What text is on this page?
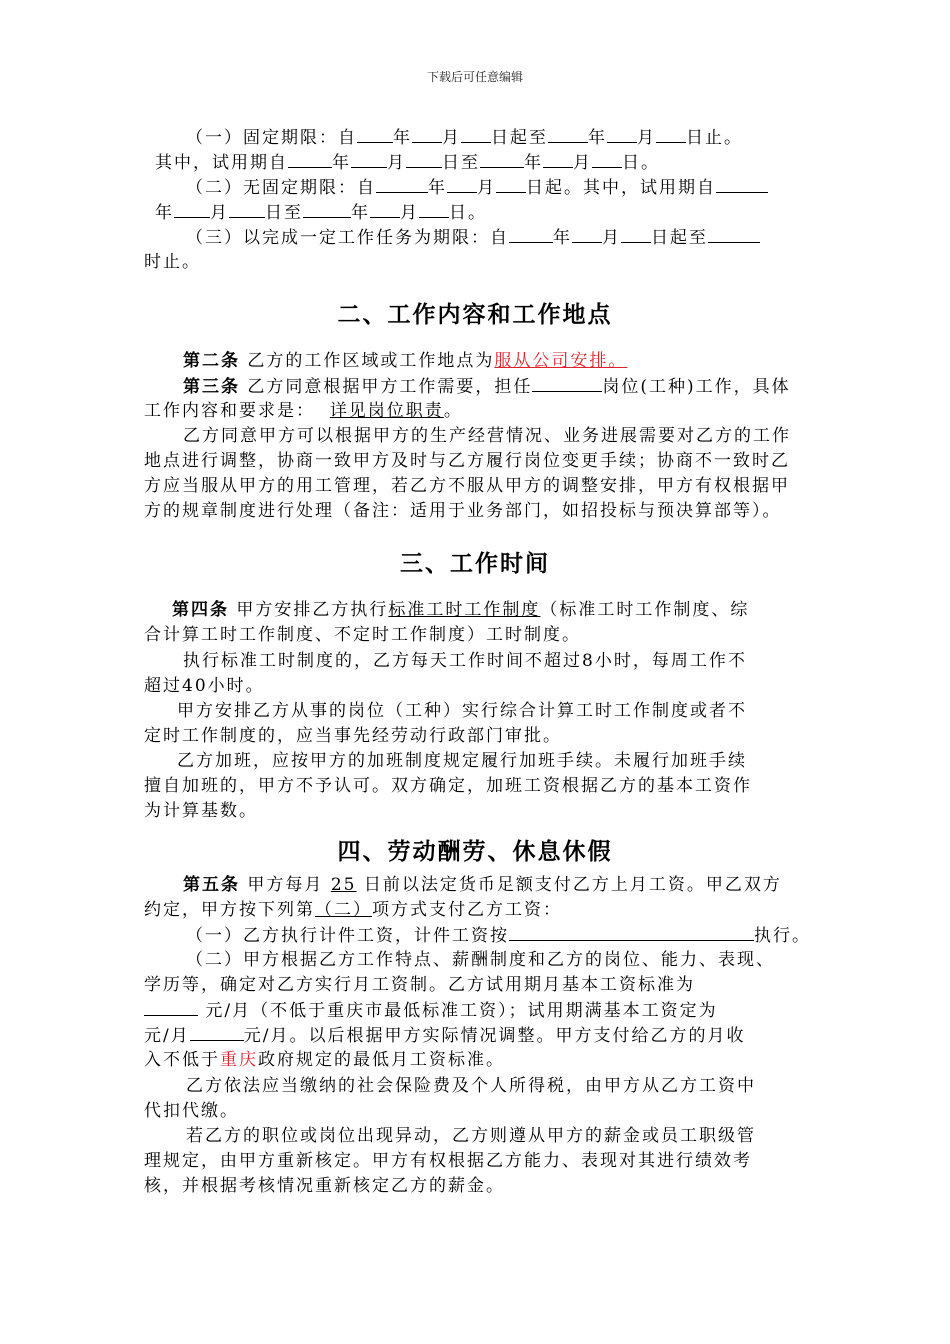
下载后可任意编辑
（一）固定期限：自 年 月 日起至 年 月 日止。
其中，试用期自	年 月 日至	年 月 日。
（二）无固定期限：自	年 月 日起。其中，试用期自
年 月 日至	年 月 日。
（三）以完成一定工作任务为期限：自	年 月 日起至
时止。
二、工作内容和工作地点
第二条 乙方的工作区域或工作地点为服从公司安排。
第三条 乙方同意根据甲方工作需要，担任	岗位(工种)工作，具体
工作内容和要求是： 详见岗位职责。
乙方同意甲方可以根据甲方的生产经营情况、业务进展需要对乙方的工作
地点进行调整，协商一致甲方及时与乙方履行岗位变更手续；协商不一致时乙
方应当服从甲方的用工管理，若乙方不服从甲方的调整安排，甲方有权根据甲
方的规章制度进行处理（备注：适用于业务部门，如招投标与预决算部等）。
三、工作时间
第四条 甲方安排乙方执行标准工时工作制度（标准工时工作制度、综
合计算工时工作制度、不定时工作制度）工时制度。
执行标准工时制度的，乙方每天工作时间不超过8小时，每周工作不
超过40小时。
甲方安排乙方从事的岗位（工种）实行综合计算工时工作制度或者不
定时工作制度的，应当事先经劳动行政部门审批。
乙方加班，应按甲方的加班制度规定履行加班手续。未履行加班手续
擅自加班的，甲方不予认可。双方确定，加班工资根据乙方的基本工资作
为计算基数。
四、劳动酬劳、休息休假
第五条 甲方每月 25 日前以法定货币足额支付乙方上月工资。甲乙双方
约定，甲方按下列第（二）项方式支付乙方工资：
（一）乙方执行计件工资，计件工资按	执行。
（二）甲方根据乙方工作特点、薪酬制度和乙方的岗位、能力、表现、
学历等，确定对乙方实行月工资制。乙方试用期月基本工资标准为
元/月（不低于重庆市最低标准工资）；试用期满基本工资定为
元/月	元/月。以后根据甲方实际情况调整。甲方支付给乙方的月收
入不低于重庆政府规定的最低月工资标准。
乙方依法应当缴纳的社会保险费及个人所得税，由甲方从乙方工资中
代扣代缴。
若乙方的职位或岗位出现异动，乙方则遵从甲方的薪金或员工职级管
理规定，由甲方重新核定。甲方有权根据乙方能力、表现对其进行绩效考
核，并根据考核情况重新核定乙方的薪金。
